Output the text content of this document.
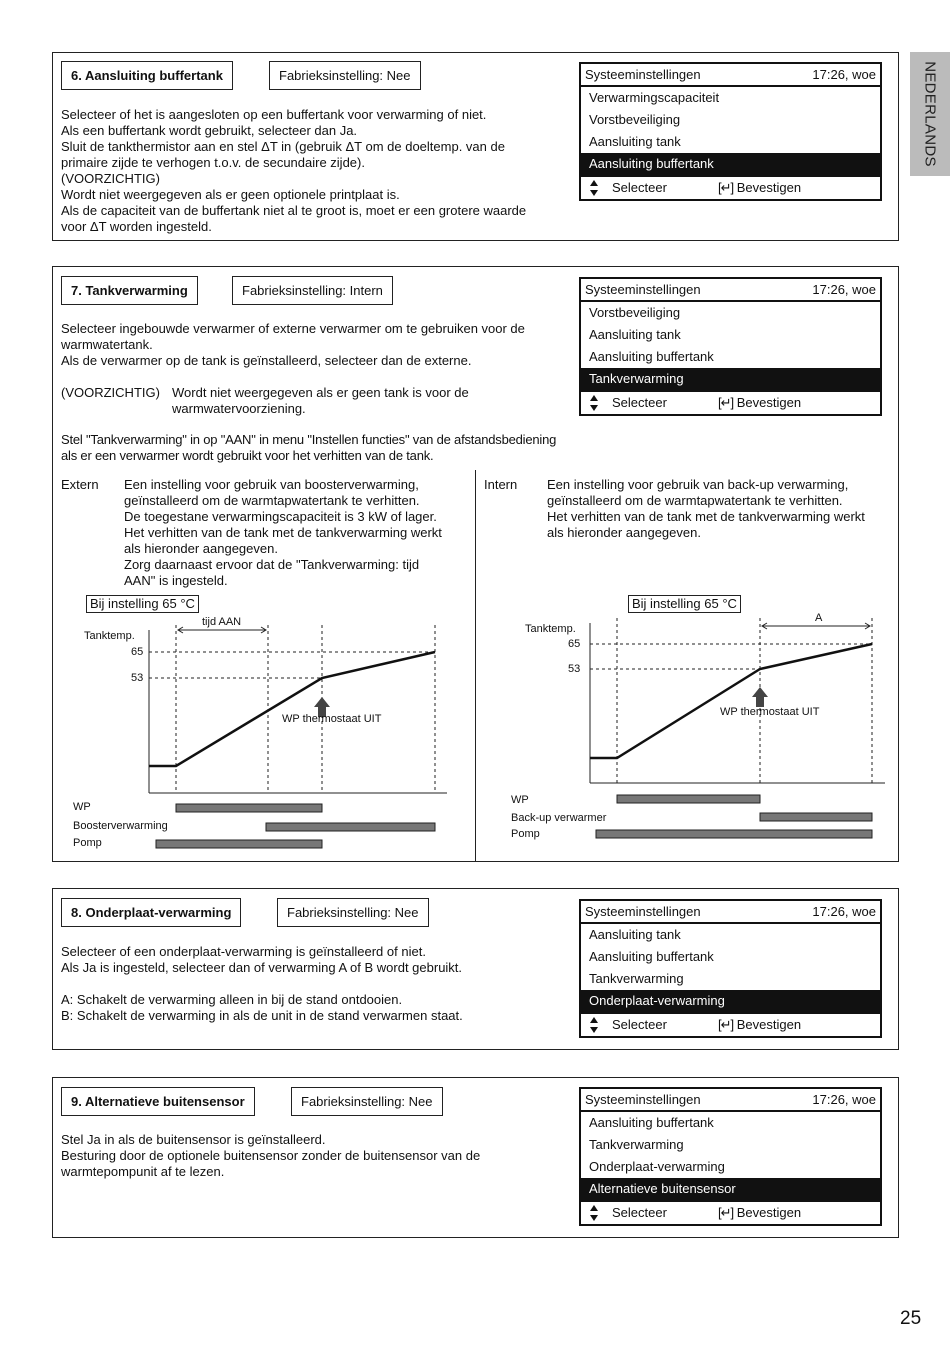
NEDERLANDS
6. Aansluiting buffertank	Fabrieksinstelling: Nee
Selecteer of het is aangesloten op een buffertank voor verwarming of niet.
Als een buffertank wordt gebruikt, selecteer dan Ja.
Sluit de tankthermistor aan en stel ΔT in (gebruik ΔT om de doeltemp. van de
primaire zijde te verhogen t.o.v. de secundaire zijde).
(VOORZICHTIG)
Wordt niet weergegeven als er geen optionele printplaat is.
Als de capaciteit van de buffertank niet al te groot is, moet er een grotere waarde
voor ΔT worden ingesteld.
Systeeminstellingen	17:26, woe
Verwarmingscapaciteit
Vorstbeveiliging
Aansluiting tank
Aansluiting buffertank
Selecteer	[↵] Bevestigen
7. Tankverwarming	Fabrieksinstelling: Intern
Selecteer ingebouwde verwarmer of externe verwarmer om te gebruiken voor de
warmwatertank.
Als de verwarmer op de tank is geïnstalleerd, selecteer dan de externe.
(VOORZICHTIG) Wordt niet weergegeven als er geen tank is voor de
warmwatervoorziening.
Stel "Tankverwarming" in op "AAN" in menu "Instellen functies" van de afstandsbediening
als er een verwarmer wordt gebruikt voor het verhitten van de tank.
Systeeminstellingen	17:26, woe
Vorstbeveiliging
Aansluiting tank
Aansluiting buffertank
Tankverwarming
Selecteer	[↵] Bevestigen
Extern Een instelling voor gebruik van boosterverwarming,
geïnstalleerd om de warmtapwatertank te verhitten.
De toegestane verwarmingscapaciteit is 3 kW of lager.
Het verhitten van de tank met de tankverwarming werkt
als hieronder aangegeven.
Zorg daarnaast ervoor dat de "Tankverwarming: tijd
AAN" is ingesteld.
Bij instelling 65 °C
Tanktemp.
65
53
tijd AAN
WP thermostaat UIT
WP
Boosterverwarming
Pomp
Intern Een instelling voor gebruik van back-up verwarming,
geïnstalleerd om de warmtapwatertank te verhitten.
Het verhitten van de tank met de tankverwarming werkt
als hieronder aangegeven.
Bij instelling 65 °C
Tanktemp.
65
53
A
WP thermostaat UIT
WP
Back-up verwarmer
Pomp
8. Onderplaat-verwarming	Fabrieksinstelling: Nee
Selecteer of een onderplaat-verwarming is geïnstalleerd of niet.
Als Ja is ingesteld, selecteer dan of verwarming A of B wordt gebruikt.
A: Schakelt de verwarming alleen in bij de stand ontdooien.
B: Schakelt de verwarming in als de unit in de stand verwarmen staat.
Systeeminstellingen	17:26, woe
Aansluiting tank
Aansluiting buffertank
Tankverwarming
Onderplaat-verwarming
Selecteer	[↵] Bevestigen
9. Alternatieve buitensensor	Fabrieksinstelling: Nee
Stel Ja in als de buitensensor is geïnstalleerd.
Besturing door de optionele buitensensor zonder de buitensensor van de
warmtepompunit af te lezen.
Systeeminstellingen	17:26, woe
Aansluiting buffertank
Tankverwarming
Onderplaat-verwarming
Alternatieve buitensensor
Selecteer	[↵] Bevestigen
25
